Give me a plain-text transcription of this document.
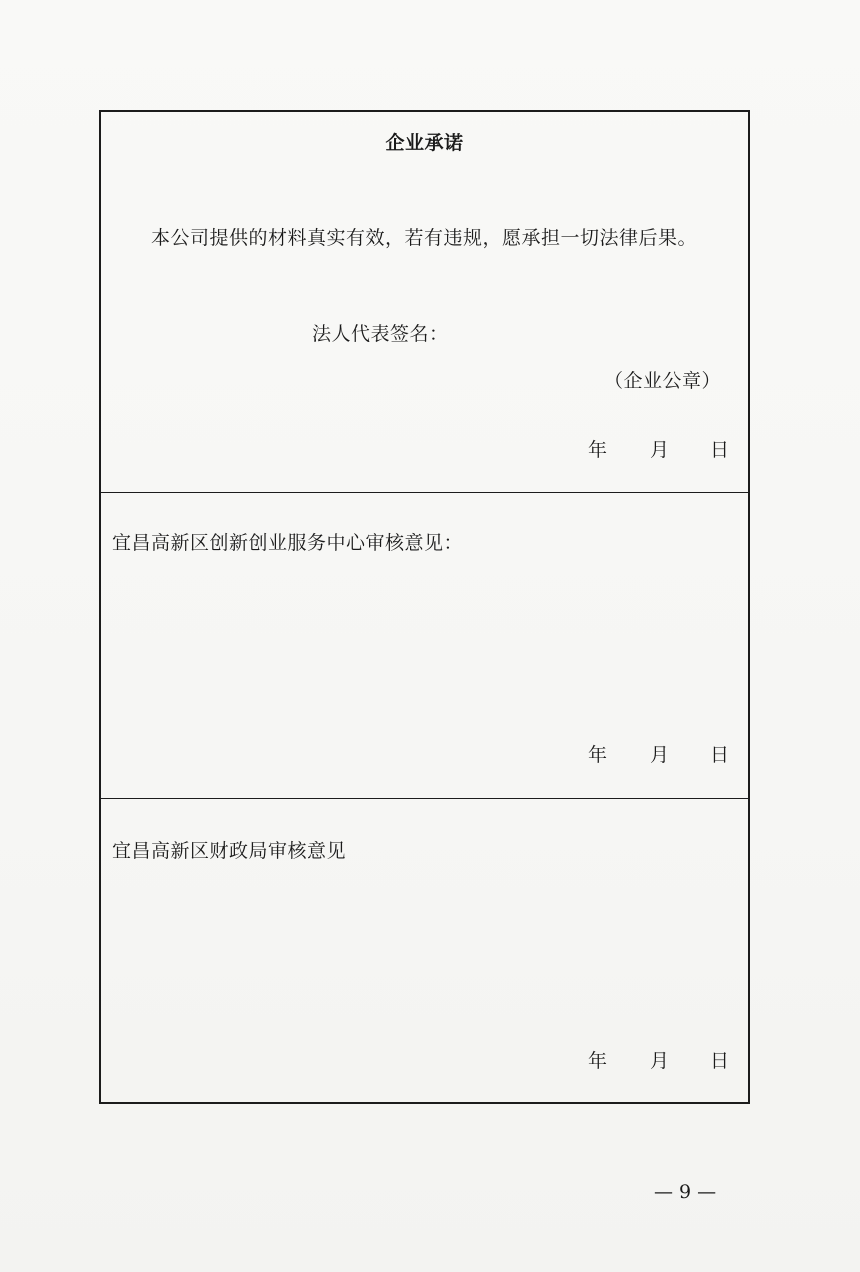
企业承诺
本公司提供的材料真实有效，若有违规，愿承担一切法律后果。
法人代表签名：
（企业公章）
年 月 日
宜昌高新区创新创业服务中心审核意见：
年 月 日
宜昌高新区财政局审核意见
年 月 日
— 9 —
